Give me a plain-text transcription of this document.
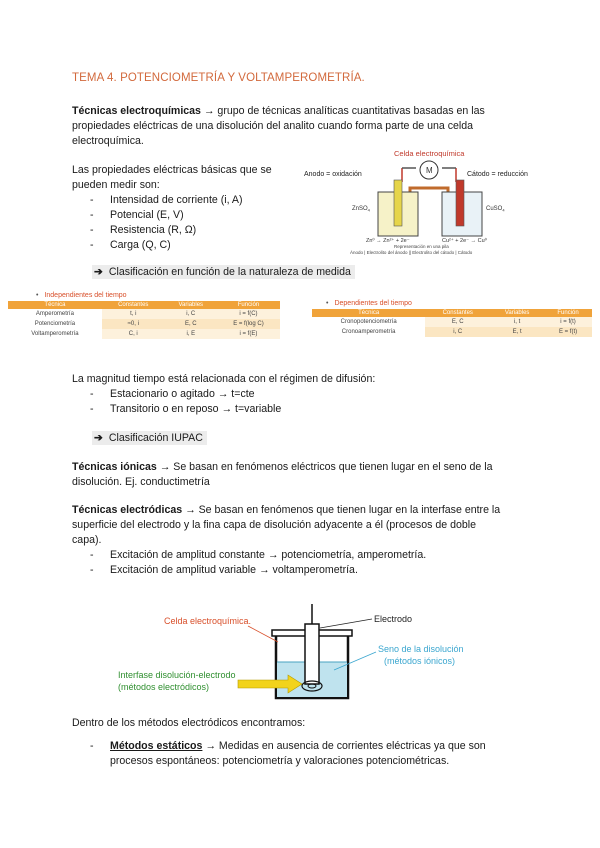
TEMA 4. POTENCIOMETRÍA Y VOLTAMPEROMETRÍA.
Técnicas electroquímicas → grupo de técnicas analíticas cuantitativas basadas en las
propiedades eléctricas de una disolución del analito cuando forma parte de una celda
electroquímica.
Las propiedades eléctricas básicas que se
pueden medir son:
- Intensidad de corriente (i, A)
- Potencial (E, V)
- Resistencia (R, Ω)
- Carga (Q, C)
Celda electroquímica
Anodo = oxidación	Cátodo = reducción
M
ZnSO$_4$	CuSO$_4$
Zn⁰ → Zn²⁺ + 2e⁻	Cu²⁺ + 2e⁻ → Cu⁰
Representación en una pila
Ánodo | Electrolito del ánodo || Electrolito del cátodo | Cátodo
➔ Clasificación en función de la naturaleza de medida
• Independientes del tiempo
Técnica	Constantes	Variables	Función
Amperometría	t, i	i, C	i = f(C)
Potenciometría	≈0, i	E, C	E = f(log C)
Voltamperometría	C, i	i, E	i = f(E)
• Dependientes del tiempo
Técnica	Constantes	Variables	Función
Cronopotenciometría	E, C	i, t	i = f(t)
Cronoamperometría	i, C	E, t	E = f(t)
La magnitud tiempo está relacionada con el régimen de difusión:
- Estacionario o agitado → t=cte
- Transitorio o en reposo → t=variable
➔ Clasificación IUPAC
Técnicas iónicas → Se basan en fenómenos eléctricos que tienen lugar en el seno de la
disolución. Ej. conductimetría
Técnicas electródicas → Se basan en fenómenos que tienen lugar en la interfase entre la
superficie del electrodo y la fina capa de disolución adyacente a él (procesos de doble
capa).
- Excitación de amplitud constante → potenciometría, amperometría.
- Excitación de amplitud variable → voltamperometría.
Celda electroquímica.	Electrodo
Seno de la disolución
(métodos iónicos)
Interfase disolución-electrodo
(métodos electródicos)
Dentro de los métodos electródicos encontramos:
- Métodos estáticos → Medidas en ausencia de corrientes eléctricas ya que son
procesos espontáneos: potenciometría y valoraciones potenciométricas.
